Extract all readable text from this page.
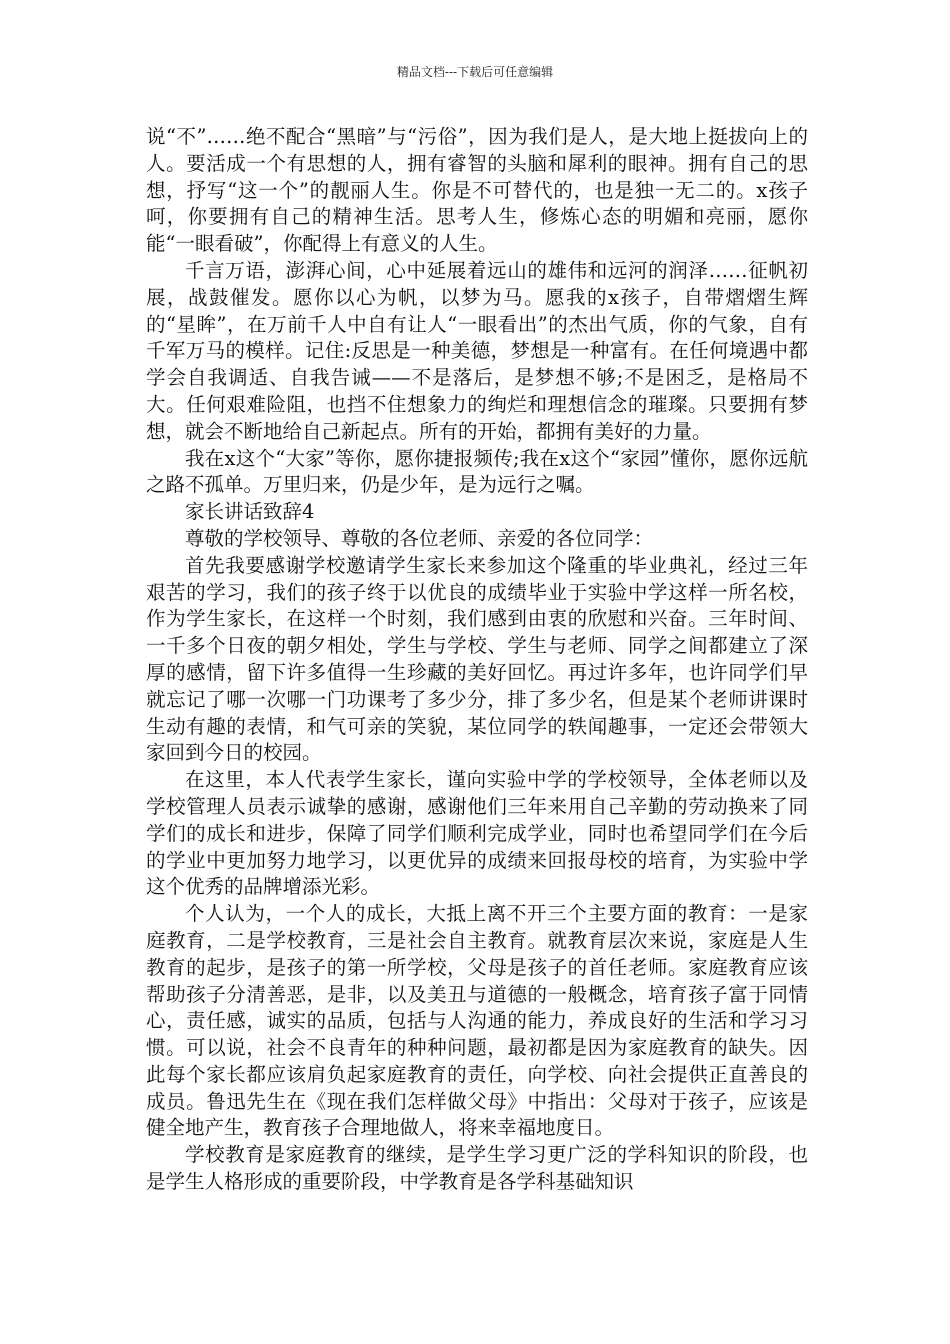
精品文档---下载后可任意编辑

说“不”……绝不配合“黑暗”与“污俗”，因为我们是人，是大地上挺拔向上的人。要活成一个有思想的人，拥有睿智的头脑和犀利的眼神。拥有自己的思想，抒写“这一个”的靓丽人生。你是不可替代的，也是独一无二的。x孩子呵，你要拥有自己的精神生活。思考人生，修炼心态的明媚和亮丽，愿你能“一眼看破”，你配得上有意义的人生。

千言万语，澎湃心间，心中延展着远山的雄伟和远河的润泽……征帆初展，战鼓催发。愿你以心为帆，以梦为马。愿我的x孩子，自带熠熠生辉的“星眸”，在万前千人中自有让人“一眼看出”的杰出气质，你的气象，自有千军万马的模样。记住:反思是一种美德，梦想是一种富有。在任何境遇中都学会自我调适、自我告诫——不是落后，是梦想不够;不是困乏，是格局不大。任何艰难险阻，也挡不住想象力的绚烂和理想信念的璀璨。只要拥有梦想，就会不断地给自己新起点。所有的开始，都拥有美好的力量。

我在x这个“大家”等你，愿你捷报频传;我在x这个“家园”懂你，愿你远航之路不孤单。万里归来，仍是少年，是为远行之嘱。

家长讲话致辞4

尊敬的学校领导、尊敬的各位老师、亲爱的各位同学：

首先我要感谢学校邀请学生家长来参加这个隆重的毕业典礼，经过三年艰苦的学习，我们的孩子终于以优良的成绩毕业于实验中学这样一所名校，作为学生家长，在这样一个时刻，我们感到由衷的欣慰和兴奋。三年时间、一千多个日夜的朝夕相处，学生与学校、学生与老师、同学之间都建立了深厚的感情，留下许多值得一生珍藏的美好回忆。再过许多年，也许同学们早就忘记了哪一次哪一门功课考了多少分，排了多少名，但是某个老师讲课时生动有趣的表情，和气可亲的笑貌，某位同学的轶闻趣事，一定还会带领大家回到今日的校园。

在这里，本人代表学生家长，谨向实验中学的学校领导，全体老师以及学校管理人员表示诚挚的感谢，感谢他们三年来用自己辛勤的劳动换来了同学们的成长和进步，保障了同学们顺利完成学业，同时也希望同学们在今后的学业中更加努力地学习，以更优异的成绩来回报母校的培育，为实验中学这个优秀的品牌增添光彩。

个人认为，一个人的成长，大抵上离不开三个主要方面的教育：一是家庭教育，二是学校教育，三是社会自主教育。就教育层次来说，家庭是人生教育的起步，是孩子的第一所学校，父母是孩子的首任老师。家庭教育应该帮助孩子分清善恶，是非，以及美丑与道德的一般概念，培育孩子富于同情心，责任感，诚实的品质，包括与人沟通的能力，养成良好的生活和学习习惯。可以说，社会不良青年的种种问题，最初都是因为家庭教育的缺失。因此每个家长都应该肩负起家庭教育的责任，向学校、向社会提供正直善良的成员。鲁迅先生在《现在我们怎样做父母》中指出：父母对于孩子，应该是健全地产生，教育孩子合理地做人，将来幸福地度日。

学校教育是家庭教育的继续，是学生学习更广泛的学科知识的阶段，也是学生人格形成的重要阶段，中学教育是各学科基础知识
